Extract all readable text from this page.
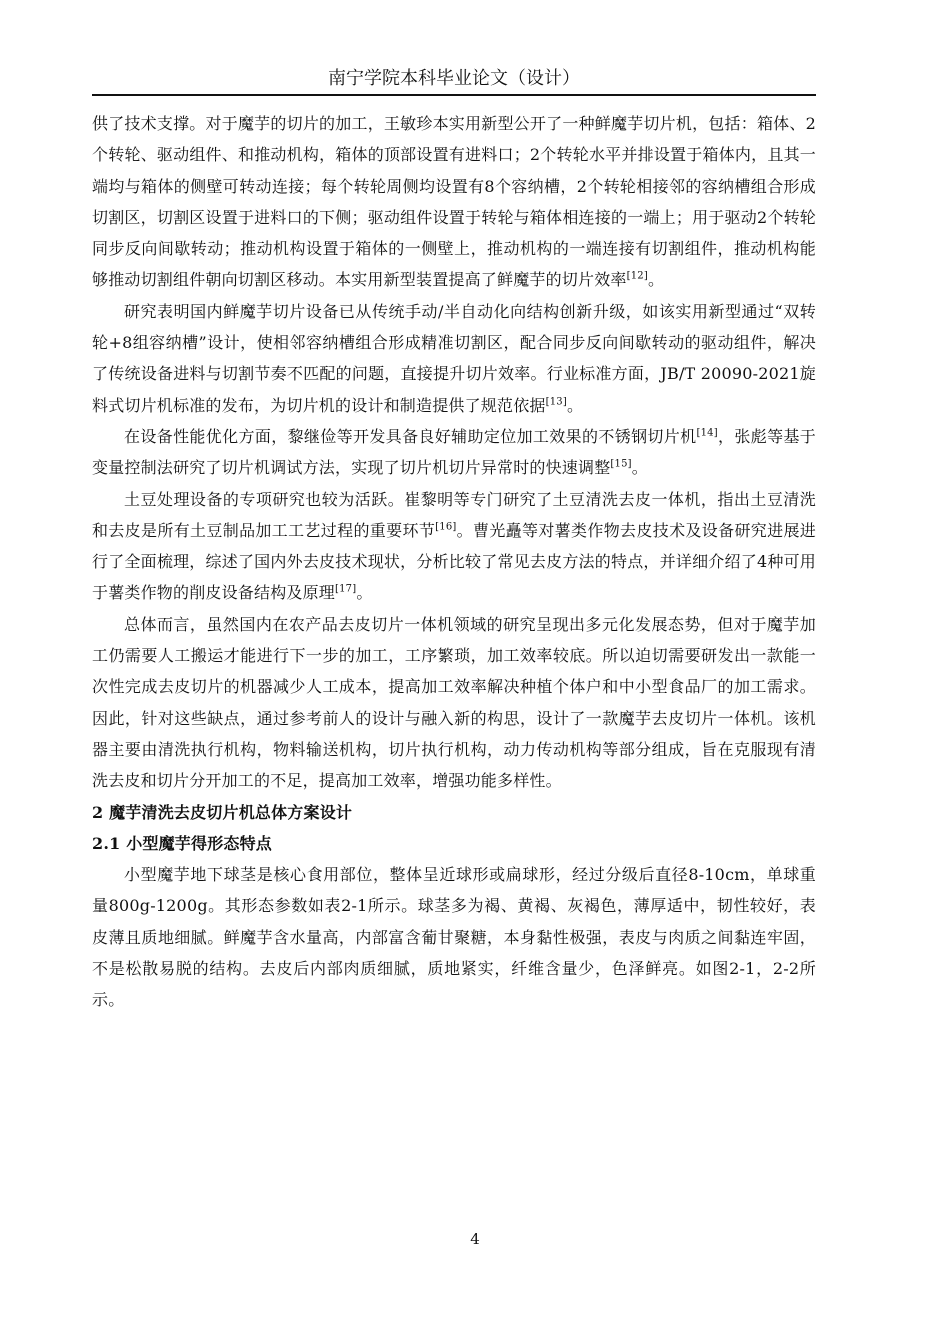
南宁学院本科毕业论文（设计）

供了技术支撑。对于魔芋的切片的加工，王敏珍本实用新型公开了一种鲜魔芋切片机，包括：箱体、2个转轮、驱动组件、和推动机构，箱体的顶部设置有进料口；2个转轮水平并排设置于箱体内，且其一端均与箱体的侧壁可转动连接；每个转轮周侧均设置有8个容纳槽，2个转轮相接邻的容纳槽组合形成切割区，切割区设置于进料口的下侧；驱动组件设置于转轮与箱体相连接的一端上；用于驱动2个转轮同步反向间歇转动；推动机构设置于箱体的一侧壁上，推动机构的一端连接有切割组件，推动机构能够推动切割组件朝向切割区移动。本实用新型装置提高了鲜魔芋的切片效率[12]。

研究表明国内鲜魔芋切片设备已从传统手动/半自动化向结构创新升级，如该实用新型通过“双转轮+8组容纳槽”设计，使相邻容纳槽组合形成精准切割区，配合同步反向间歇转动的驱动组件，解决了传统设备进料与切割节奏不匹配的问题，直接提升切片效率。行业标准方面，JB/T 20090-2021旋料式切片机标准的发布，为切片机的设计和制造提供了规范依据[13]。

在设备性能优化方面，黎继俭等开发具备良好辅助定位加工效果的不锈钢切片机[14]，张彪等基于变量控制法研究了切片机调试方法，实现了切片机切片异常时的快速调整[15]。

土豆处理设备的专项研究也较为活跃。崔黎明等专门研究了土豆清洗去皮一体机，指出土豆清洗和去皮是所有土豆制品加工工艺过程的重要环节[16]。曹光矗等对薯类作物去皮技术及设备研究进展进行了全面梳理，综述了国内外去皮技术现状，分析比较了常见去皮方法的特点，并详细介绍了4种可用于薯类作物的削皮设备结构及原理[17]。

总体而言，虽然国内在农产品去皮切片一体机领域的研究呈现出多元化发展态势，但对于魔芋加工仍需要人工搬运才能进行下一步的加工，工序繁琐，加工效率较底。所以迫切需要研发出一款能一次性完成去皮切片的机器减少人工成本，提高加工效率解决种植个体户和中小型食品厂的加工需求。因此，针对这些缺点，通过参考前人的设计与融入新的构思，设计了一款魔芋去皮切片一体机。该机器主要由清洗执行机构，物料输送机构，切片执行机构，动力传动机构等部分组成，旨在克服现有清洗去皮和切片分开加工的不足，提高加工效率，增强功能多样性。

2 魔芋清洗去皮切片机总体方案设计
2.1 小型魔芋得形态特点

小型魔芋地下球茎是核心食用部位，整体呈近球形或扁球形，经过分级后直径8-10cm，单球重量800g-1200g。其形态参数如表2-1所示。球茎多为褐、黄褐、灰褐色，薄厚适中，韧性较好，表皮薄且质地细腻。鲜魔芋含水量高，内部富含葡甘聚糖，本身黏性极强，表皮与肉质之间黏连牢固，不是松散易脱的结构。去皮后内部肉质细腻，质地紧实，纤维含量少，色泽鲜亮。如图2-1，2-2所示。

4
